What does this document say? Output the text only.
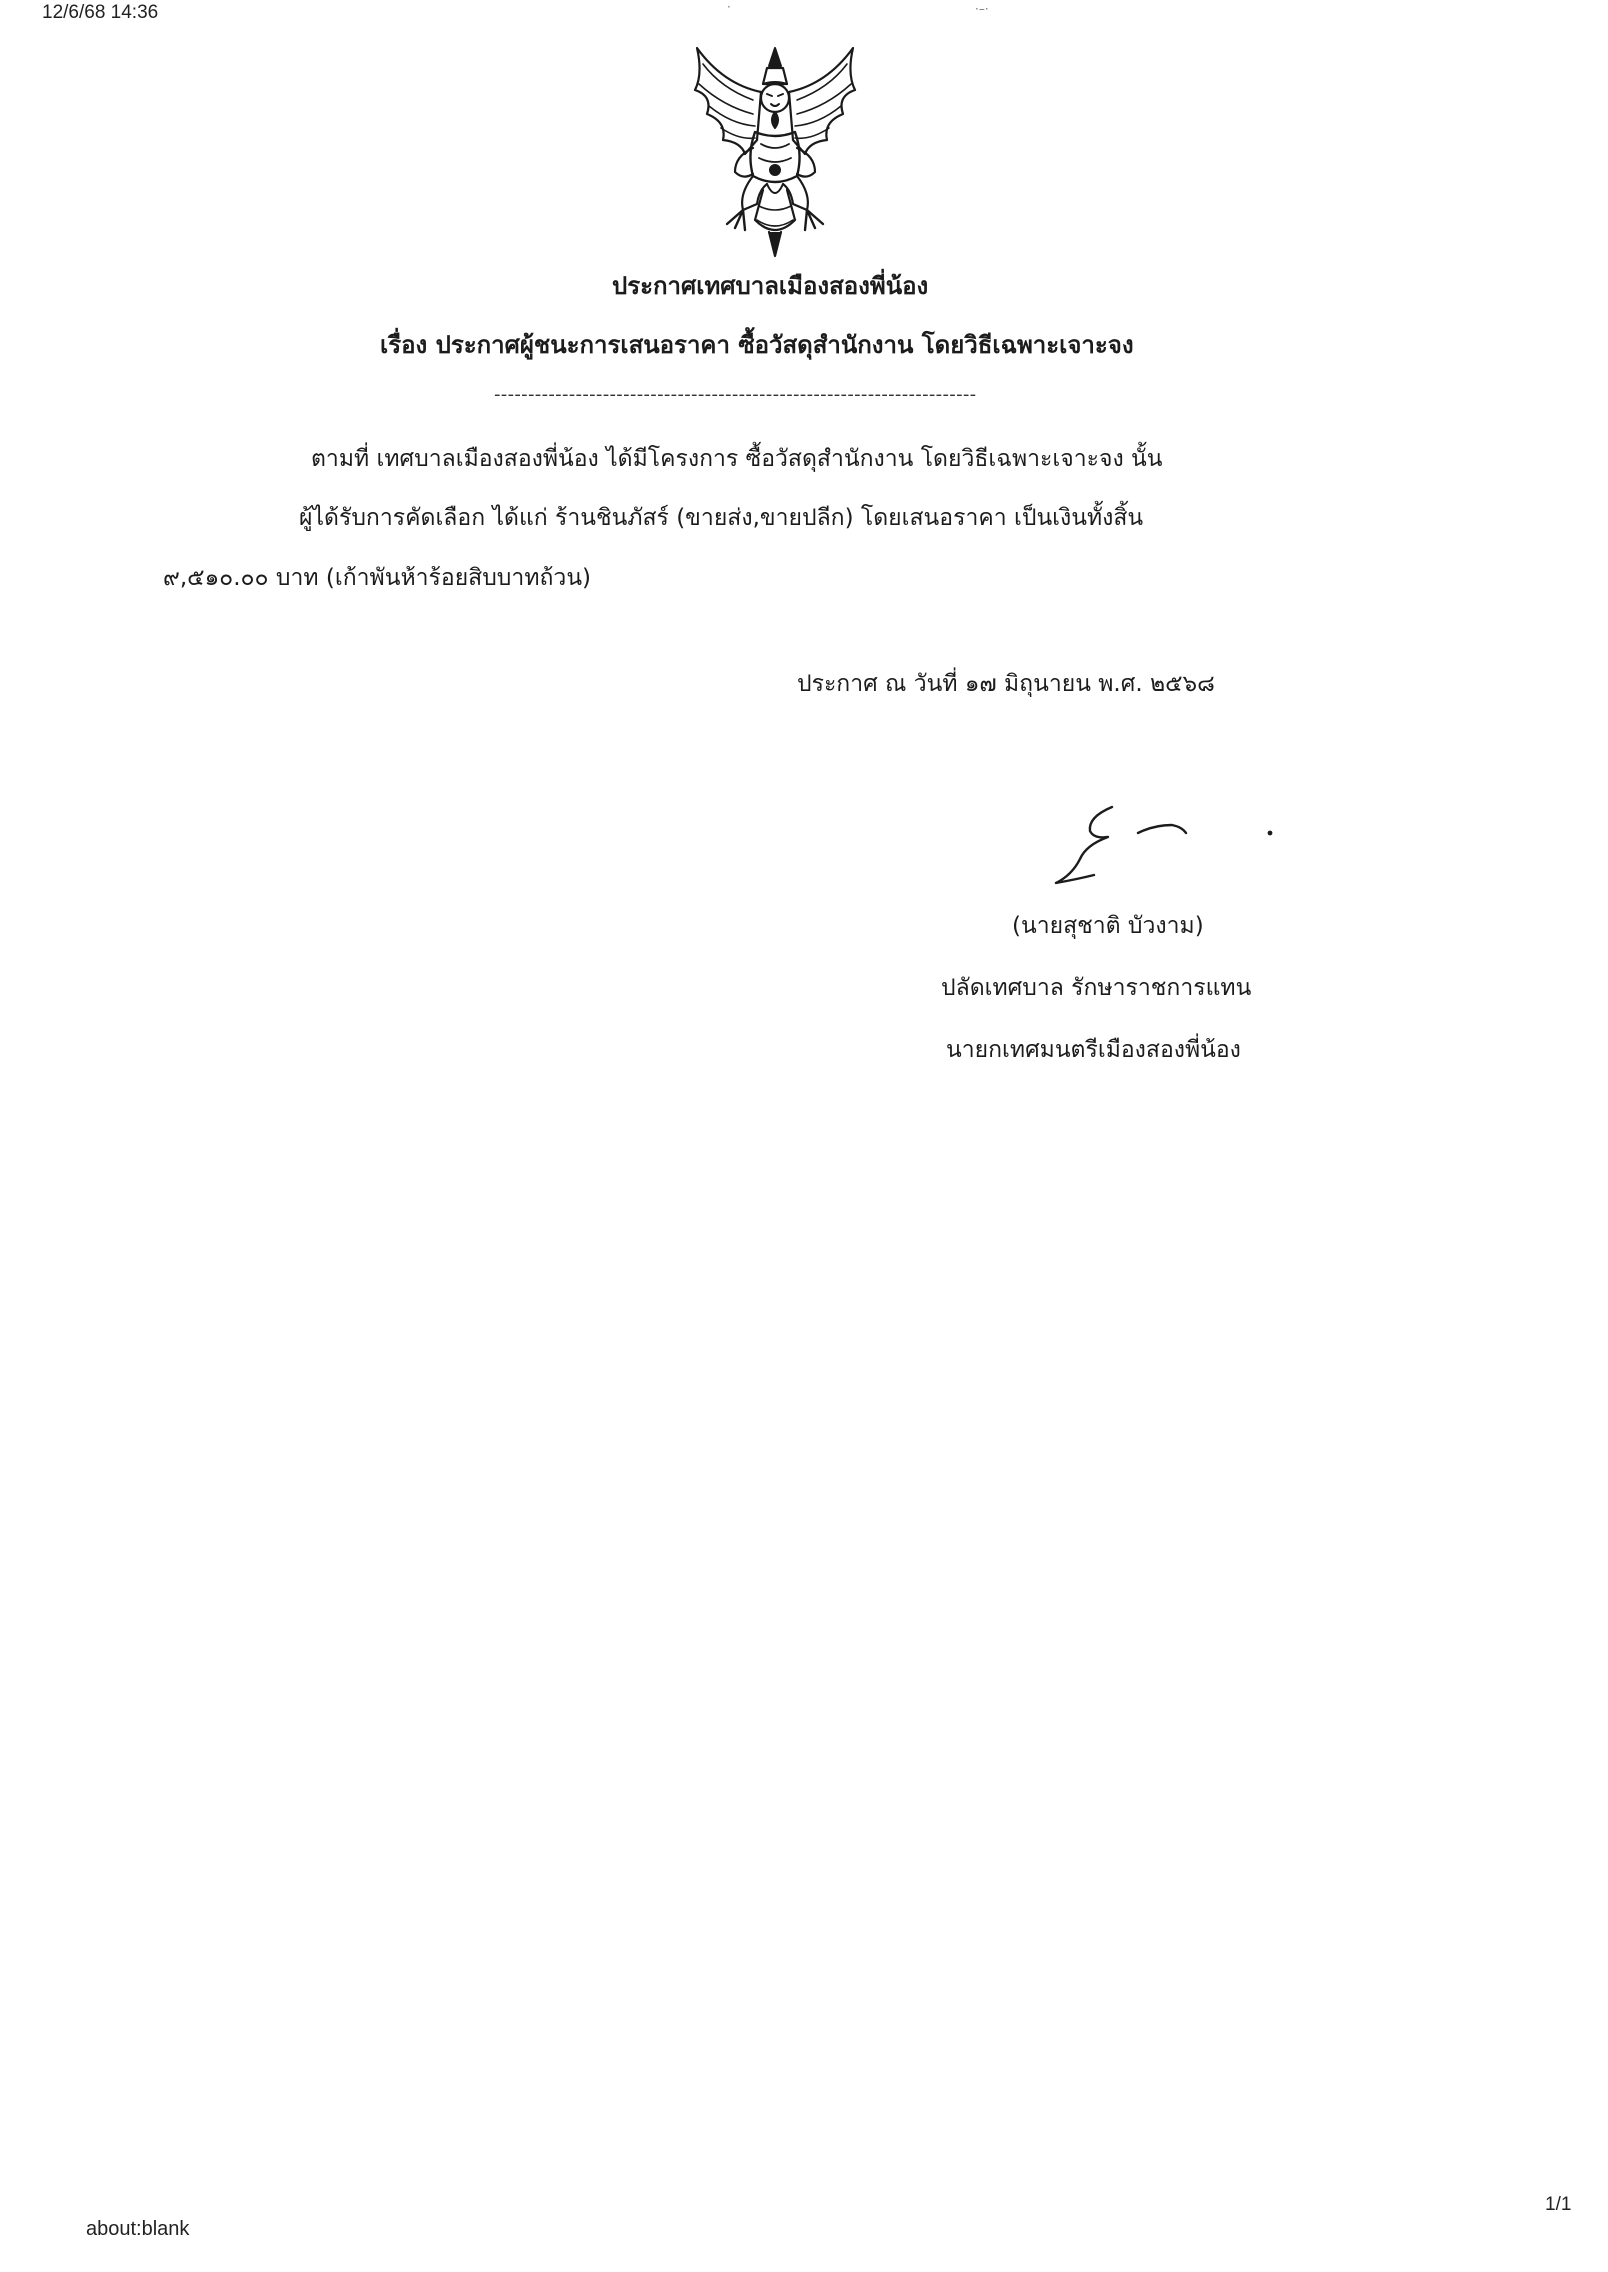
12/6/68 14:36	·	·–·
ประกาศเทศบาลเมืองสองพี่น้อง
เรื่อง ประกาศผู้ชนะการเสนอราคา ซื้อวัสดุสำนักงาน โดยวิธีเฉพาะเจาะจง
-----------------------------------------------------------------------
ตามที่ เทศบาลเมืองสองพี่น้อง ได้มีโครงการ ซื้อวัสดุสำนักงาน โดยวิธีเฉพาะเจาะจง นั้น
ผู้ได้รับการคัดเลือก ได้แก่ ร้านชินภัสร์ (ขายส่ง,ขายปลีก) โดยเสนอราคา เป็นเงินทั้งสิ้น
๙,๕๑๐.๐๐ บาท (เก้าพันห้าร้อยสิบบาทถ้วน)
ประกาศ ณ วันที่ ๑๗ มิถุนายน พ.ศ. ๒๕๖๘
(นายสุชาติ บัวงาม)
ปลัดเทศบาล รักษาราชการแทน
นายกเทศมนตรีเมืองสองพี่น้อง
1/1
about:blank
